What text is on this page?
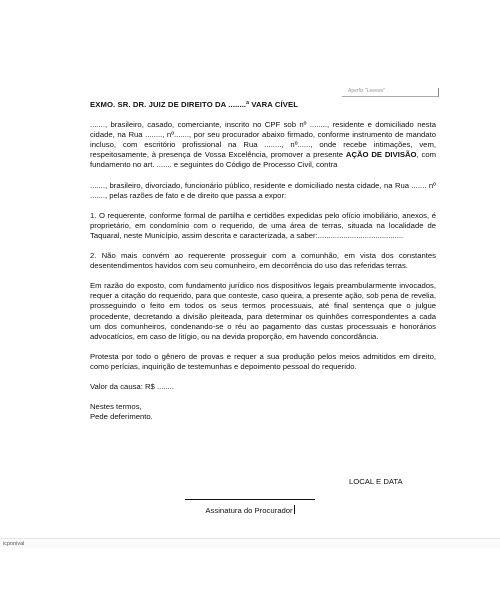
Aperfiz "Leeese"
EXMO. SR. DR. JUIZ DE DIREITO DA ........ª VARA CÍVEL
......., brasileiro, casado, comerciante, inscrito no CPF sob nº ........, residente e domiciliado nesta cidade, na Rua ........, nº......., por seu procurador abaixo firmado, conforme instrumento de mandato incluso, com escritório profissional na Rua ........, nº......, onde recebe intimações, vem, respeitosamente, à presença de Vossa Excelência, promover a presente AÇÃO DE DIVISÃO, com fundamento no art. ....... e seguintes do Código de Processo Civil, contra
......., brasileiro, divorciado, funcionário público, residente e domiciliado nesta cidade, na Rua ....... nº ......., pelas razões de fato e de direito que passa a expor:
1. O requerente, conforme formal de partilha e certidões expedidas pelo ofício imobiliário, anexos, é proprietário, em condomínio com o requerido, de uma área de terras, situada na localidade de Taquaral, neste Município, assim descrita e caracterizada, a saber:........................................
2. Não mais convém ao requerente prosseguir com a comunhão, em vista dos constantes desentendimentos havidos com seu comunheiro, em decorrência do uso das referidas terras.
Em razão do exposto, com fundamento jurídico nos dispositivos legais preambularmente invocados, requer a citação do requerido, para que conteste, caso queira, a presente ação, sob pena de revelia, prosseguindo o feito em todos os seus termos processuais, até final sentença que o julgue procedente, decretando a divisão pleiteada, para determinar os quinhões correspondentes a cada um dos comunheiros, condenando-se o réu ao pagamento das custas processuais e honorários advocatícios, em caso de litígio, ou na devida proporção, em havendo concordância.
Protesta por todo o gênero de provas e requer a sua produção pelos meios admitidos em direito, como perícias, inquirição de testemunhas e depoimento pessoal do requerido.
Valor da causa: R$ ........
Nestes termos,
Pede deferimento.
LOCAL E DATA
Assinatura do Procurador
icponival
